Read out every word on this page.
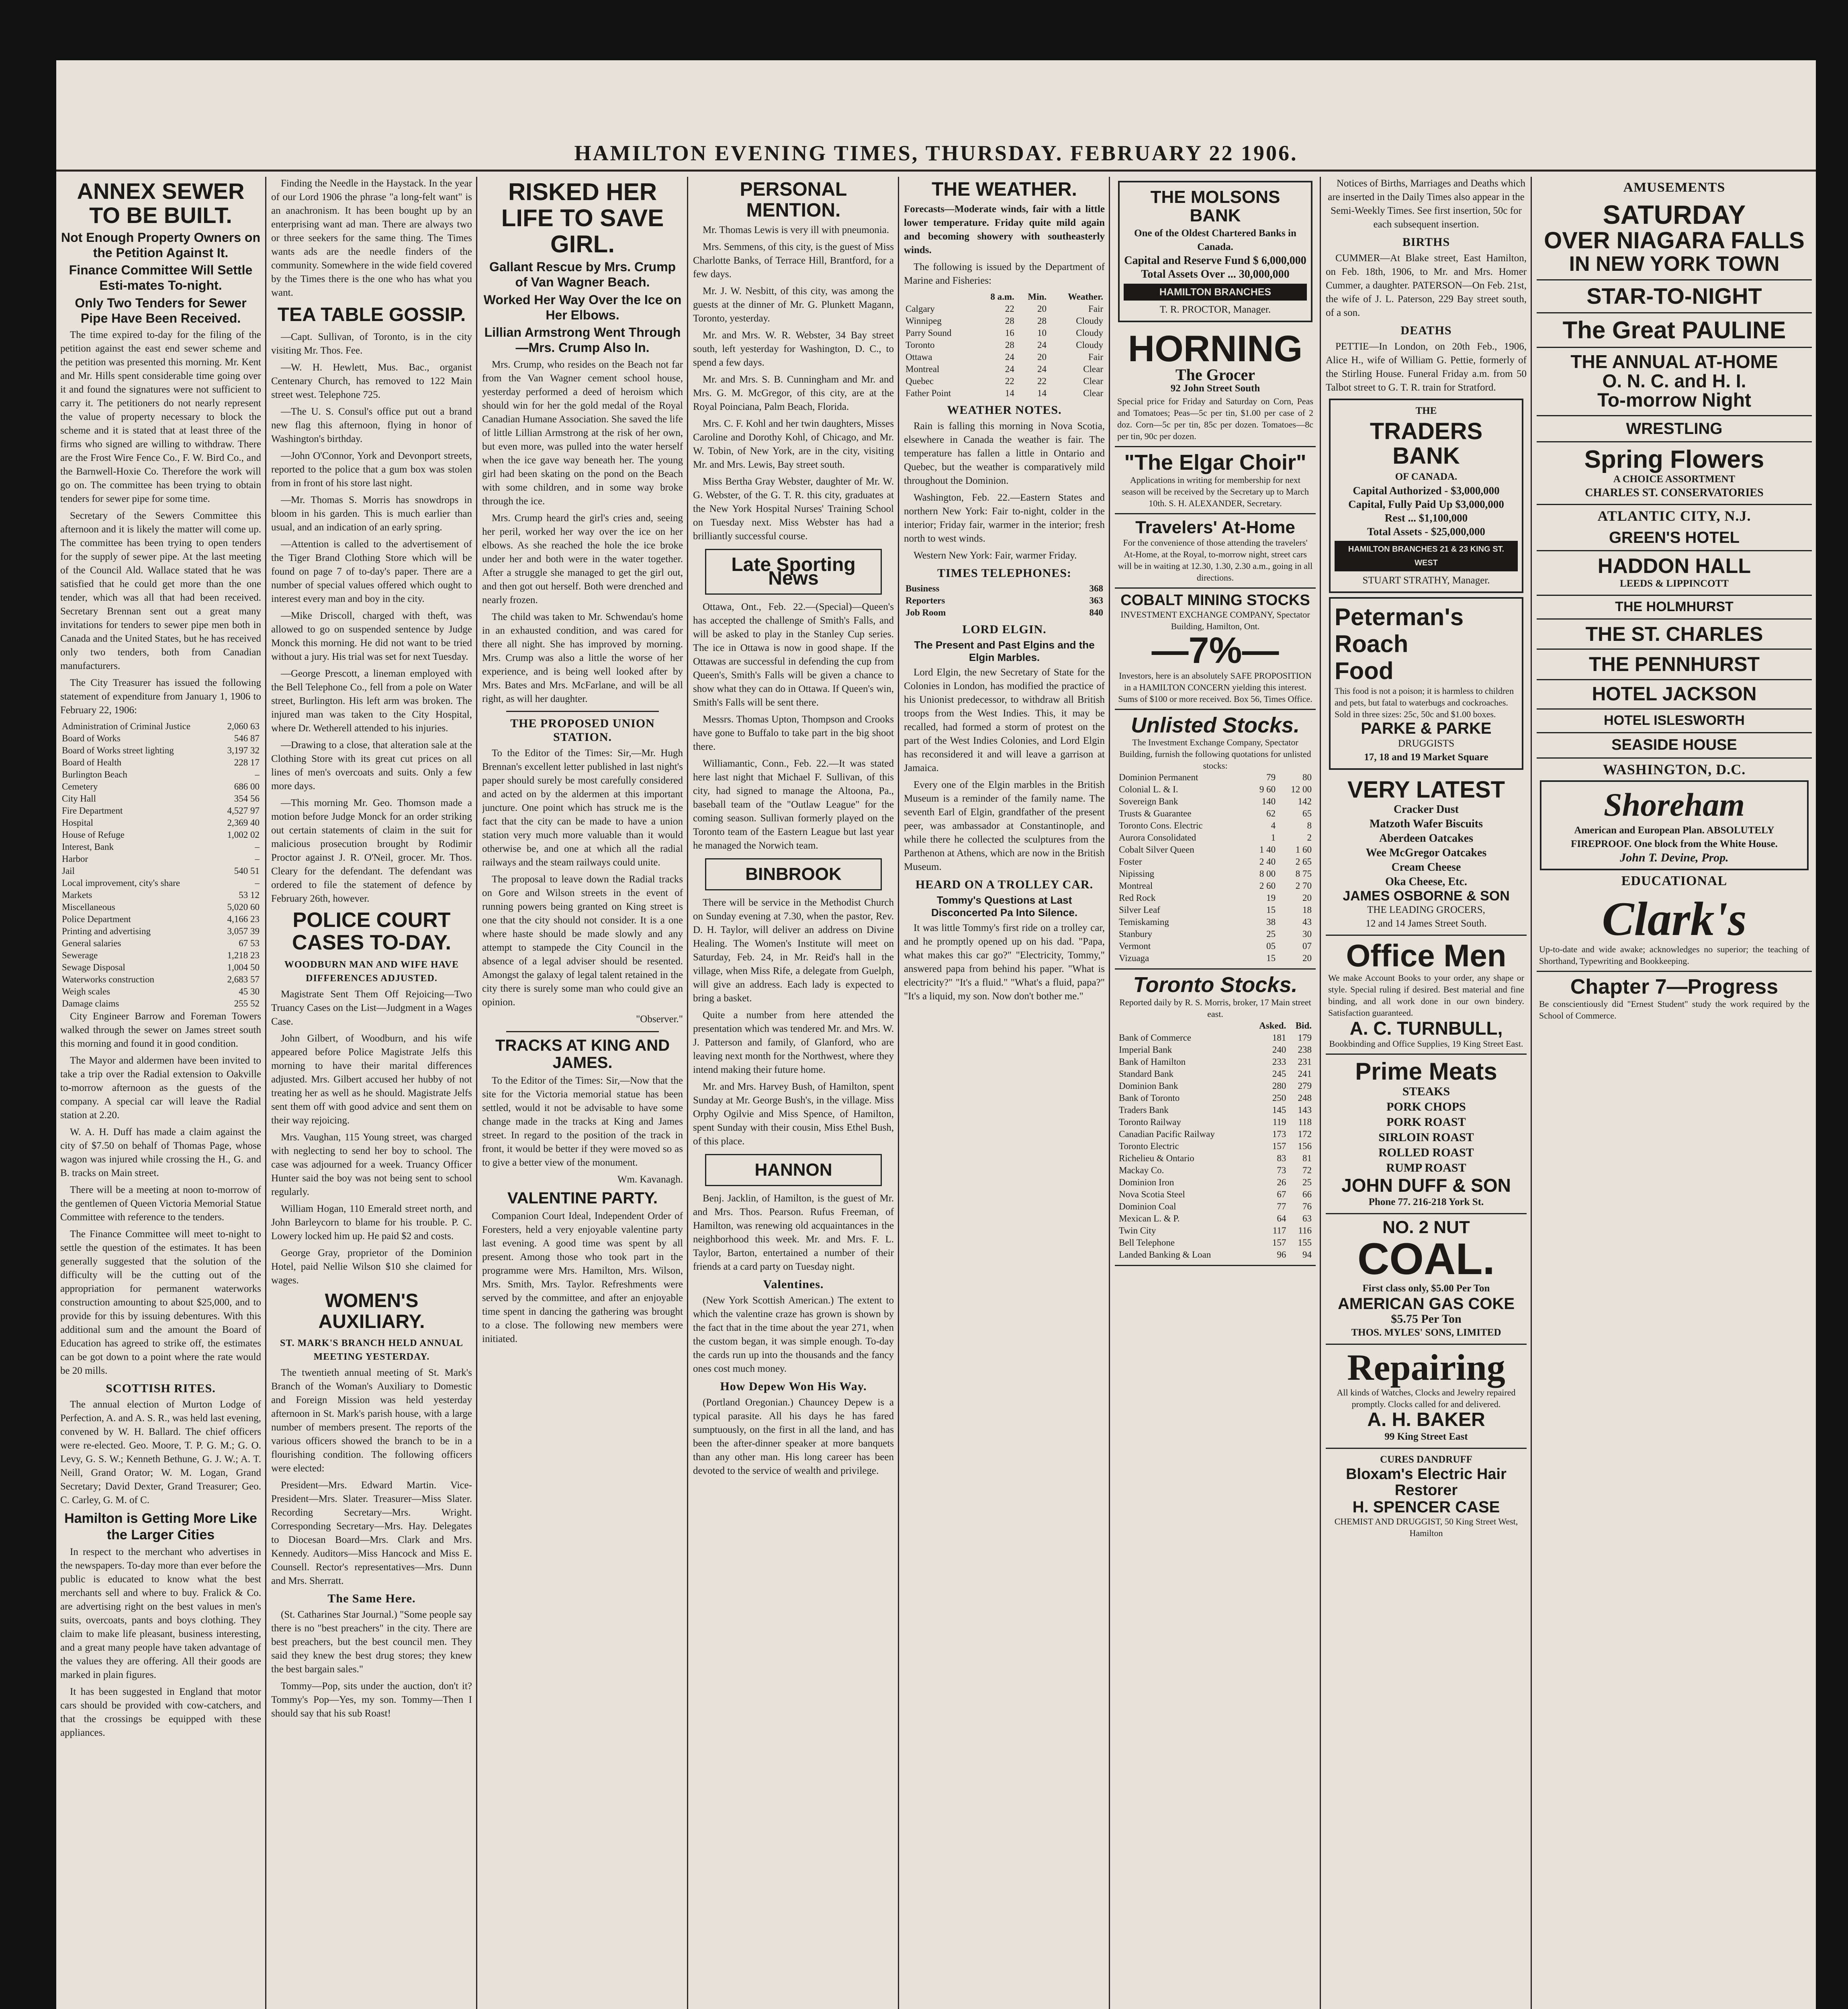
HAMILTON EVENING TIMES, THURSDAY. FEBRUARY 22 1906.
ANNEX SEWER TO BE BUILT.
Not Enough Property Owners on the Petition Against It.
Finance Committee Will Settle Esti-mates To-night.
Only Two Tenders for Sewer Pipe Have Been Received.

The time expired to-day for the filing of the petition against the east end sewer scheme and the petition was presented this morning. Mr. Kent and Mr. Hills spent considerable time going over it and found the signatures were not sufficient to carry it. The petitioners do not nearly represent the value of property necessary to block the scheme and it is stated that at least three of the firms who signed are willing to withdraw. There are the Frost Wire Fence Co., F. W. Bird Co., and the Barnwell-Hoxie Co. Therefore the work will go on. The committee has been trying to obtain tenders for sewer pipe for some time.

Secretary of the Sewers Committee this afternoon and it is likely the matter will come up. The committee has been trying to open tenders for the supply of sewer pipe. At the last meeting of the Council Ald. Wallace stated that he was satisfied that he could get more than the one tender, which was all that had been received. Secretary Brennan sent out a great many invitations for tenders to sewer pipe men both in Canada and the United States, but he has received only two tenders, both from Canadian manufacturers.

The City Treasurer has issued the following statement of expenditure from January 1, 1906 to February 22, 1906:

Administration of Criminal Justice	2,060 63
Board of Works	546 87
Board of Works street lighting	3,197 32
Board of Health	228 17
Burlington Beach	–
Cemetery	686 00
City Hall	354 56
Fire Department	4,527 97
Hospital	2,369 40
House of Refuge	1,002 02
Interest, Bank	–
Harbor	–
Jail	540 51
Local improvement, city's share	–
Markets	53 12
Miscellaneous	5,020 60
Police Department	4,166 23
Printing and advertising	3,057 39
General salaries	67 53
Sewerage	1,218 23
Sewage Disposal	1,004 50
Waterworks construction	2,683 57
Weigh scales	45 30
Damage claims	255 52

City Engineer Barrow and Foreman Towers walked through the sewer on James street south this morning and found it in good condition.

The Mayor and aldermen have been invited to take a trip over the Radial extension to Oakville to-morrow afternoon as the guests of the company. A special car will leave the Radial station at 2.20.

W. A. H. Duff has made a claim against the city of $7.50 on behalf of Thomas Page, whose wagon was injured while crossing the H., G. and B. tracks on Main street.

There will be a meeting at noon to-morrow of the gentlemen of Queen Victoria Memorial Statue Committee with reference to the tenders.

The Finance Committee will meet to-night to settle the question of the estimates. It has been generally suggested that the solution of the difficulty will be the cutting out of the appropriation for permanent waterworks construction amounting to about $25,000, and to provide for this by issuing debentures. With this additional sum and the amount the Board of Education has agreed to strike off, the estimates can be got down to a point where the rate would be 20 mills.

SCOTTISH RITES.

The annual election of Murton Lodge of Perfection, A. and A. S. R., was held last evening, convened by W. H. Ballard. The chief officers were re-elected. Geo. Moore, T. P. G. M.; G. O. Levy, G. S. W.; Kenneth Bethune, G. J. W.; A. T. Neill, Grand Orator; W. M. Logan, Grand Secretary; David Dexter, Grand Treasurer; Geo. C. Carley, G. M. of C.

Hamilton is Getting More Like the Larger Cities

In respect to the merchant who advertises in the newspapers. To-day more than ever before the public is educated to know what the best merchants sell and where to buy. Fralick & Co. are advertising right on the best values in men's suits, overcoats, pants and boys clothing. They claim to make life pleasant, business interesting, and a great many people have taken advantage of the values they are offering. All their goods are marked in plain figures.

It has been suggested in England that motor cars should be provided with cow-catchers, and that the crossings be equipped with these appliances.

Finding the Needle in the Haystack. In the year of our Lord 1906 the phrase "a long-felt want" is an anachronism. It has been bought up by an enterprising want ad man. There are always two or three seekers for the same thing. The Times wants ads are the needle finders of the community. Somewhere in the wide field covered by the Times there is the one who has what you want.

TEA TABLE GOSSIP.

—Capt. Sullivan, of Toronto, is in the city visiting Mr. Thos. Fee.

—W. H. Hewlett, Mus. Bac., organist Centenary Church, has removed to 122 Main street west. Telephone 725.

—The U. S. Consul's office put out a brand new flag this afternoon, flying in honor of Washington's birthday.

—John O'Connor, York and Devonport streets, reported to the police that a gum box was stolen from in front of his store last night.

—Mr. Thomas S. Morris has snowdrops in bloom in his garden. This is much earlier than usual, and an indication of an early spring.

—Attention is called to the advertisement of the Tiger Brand Clothing Store which will be found on page 7 of to-day's paper. There are a number of special values offered which ought to interest every man and boy in the city.

—Mike Driscoll, charged with theft, was allowed to go on suspended sentence by Judge Monck this morning. He did not want to be tried without a jury. His trial was set for next Tuesday.

—George Prescott, a lineman employed with the Bell Telephone Co., fell from a pole on Water street, Burlington. His left arm was broken. The injured man was taken to the City Hospital, where Dr. Wetherell attended to his injuries.

—Drawing to a close, that alteration sale at the Clothing Store with its great cut prices on all lines of men's overcoats and suits. Only a few more days.

—This morning Mr. Geo. Thomson made a motion before Judge Monck for an order striking out certain statements of claim in the suit for malicious prosecution brought by Rodimir Proctor against J. R. O'Neil, grocer. Mr. Thos. Cleary for the defendant. The defendant was ordered to file the statement of defence by February 26th, however.

POLICE COURT CASES TO-DAY.
WOODBURN MAN AND WIFE HAVE DIFFERENCES ADJUSTED.

Magistrate Sent Them Off Rejoicing—Two Truancy Cases on the List—Judgment in a Wages Case.

John Gilbert, of Woodburn, and his wife appeared before Police Magistrate Jelfs this morning to have their marital differences adjusted. Mrs. Gilbert accused her hubby of not treating her as well as he should. Magistrate Jelfs sent them off with good advice and sent them on their way rejoicing.

Mrs. Vaughan, 115 Young street, was charged with neglecting to send her boy to school. The case was adjourned for a week. Truancy Officer Hunter said the boy was not being sent to school regularly.

William Hogan, 110 Emerald street north, and John Barleycorn to blame for his trouble. P. C. Lowery locked him up. He paid $2 and costs.

George Gray, proprietor of the Dominion Hotel, paid Nellie Wilson $10 she claimed for wages.

WOMEN'S AUXILIARY.
ST. MARK'S BRANCH HELD ANNUAL MEETING YESTERDAY.

The twentieth annual meeting of St. Mark's Branch of the Woman's Auxiliary to Domestic and Foreign Mission was held yesterday afternoon in St. Mark's parish house, with a large number of members present. The reports of the various officers showed the branch to be in a flourishing condition. The following officers were elected:

President—Mrs. Edward Martin. Vice-President—Mrs. Slater. Treasurer—Miss Slater. Recording Secretary—Mrs. Wright. Corresponding Secretary—Mrs. Hay. Delegates to Diocesan Board—Mrs. Clark and Mrs. Kennedy. Auditors—Miss Hancock and Miss E. Counsell. Rector's representatives—Mrs. Dunn and Mrs. Sherratt.

The Same Here.

(St. Catharines Star Journal.) "Some people say there is no "best preachers" in the city. There are best preachers, but the best council men. They said they knew the best drug stores; they knew the best bargain sales."

Tommy—Pop, sits under the auction, don't it? Tommy's Pop—Yes, my son. Tommy—Then I should say that his sub Roast!

RISKED HER LIFE TO SAVE GIRL.
Gallant Rescue by Mrs. Crump of Van Wagner Beach.
Worked Her Way Over the Ice on Her Elbows.
Lillian Armstrong Went Through—Mrs. Crump Also In.

Mrs. Crump, who resides on the Beach not far from the Van Wagner cement school house, yesterday performed a deed of heroism which should win for her the gold medal of the Royal Canadian Humane Association. She saved the life of little Lillian Armstrong at the risk of her own, but even more, was pulled into the water herself when the ice gave way beneath her. The young girl had been skating on the pond on the Beach with some children, and in some way broke through the ice.

Mrs. Crump heard the girl's cries and, seeing her peril, worked her way over the ice on her elbows. As she reached the hole the ice broke under her and both were in the water together. After a struggle she managed to get the girl out, and then got out herself. Both were drenched and nearly frozen.

The child was taken to Mr. Schwendau's home in an exhausted condition, and was cared for there all night. She has improved by morning. Mrs. Crump was also a little the worse of her experience, and is being well looked after by Mrs. Bates and Mrs. McFarlane, and will be all right, as will her daughter.

THE PROPOSED UNION STATION.

To the Editor of the Times: Sir,—Mr. Hugh Brennan's excellent letter published in last night's paper should surely be most carefully considered and acted on by the aldermen at this important juncture. One point which has struck me is the fact that the city can be made to have a union station very much more valuable than it would otherwise be, and one at which all the radial railways and the steam railways could unite.

The proposal to leave down the Radial tracks on Gore and Wilson streets in the event of running powers being granted on King street is one that the city should not consider. It is a one where haste should be made slowly and any attempt to stampede the City Council in the absence of a legal adviser should be resented. Amongst the galaxy of legal talent retained in the city there is surely some man who could give an opinion.

"Observer."

TRACKS AT KING AND JAMES.

To the Editor of the Times: Sir,—Now that the site for the Victoria memorial statue has been settled, would it not be advisable to have some change made in the tracks at King and James street. In regard to the position of the track in front, it would be better if they were moved so as to give a better view of the monument.

Wm. Kavanagh.

VALENTINE PARTY.

Companion Court Ideal, Independent Order of Foresters, held a very enjoyable valentine party last evening. A good time was spent by all present. Among those who took part in the programme were Mrs. Hamilton, Mrs. Wilson, Mrs. Smith, Mrs. Taylor. Refreshments were served by the committee, and after an enjoyable time spent in dancing the gathering was brought to a close. The following new members were initiated.

PERSONAL MENTION.

Mr. Thomas Lewis is very ill with pneumonia.

Mrs. Semmens, of this city, is the guest of Miss Charlotte Banks, of Terrace Hill, Brantford, for a few days.

Mr. J. W. Nesbitt, of this city, was among the guests at the dinner of Mr. G. Plunkett Magann, Toronto, yesterday.

Mr. and Mrs. W. R. Webster, 34 Bay street south, left yesterday for Washington, D. C., to spend a few days.

Mr. and Mrs. S. B. Cunningham and Mr. and Mrs. G. M. McGregor, of this city, are at the Royal Poinciana, Palm Beach, Florida.

Mrs. C. F. Kohl and her twin daughters, Misses Caroline and Dorothy Kohl, of Chicago, and Mr. W. Tobin, of New York, are in the city, visiting Mr. and Mrs. Lewis, Bay street south.

Miss Bertha Gray Webster, daughter of Mr. W. G. Webster, of the G. T. R. this city, graduates at the New York Hospital Nurses' Training School on Tuesday next. Miss Webster has had a brilliantly successful course.

Late Sporting News

Ottawa, Ont., Feb. 22.—(Special)—Queen's has accepted the challenge of Smith's Falls, and will be asked to play in the Stanley Cup series. The ice in Ottawa is now in good shape. If the Ottawas are successful in defending the cup from Queen's, Smith's Falls will be given a chance to show what they can do in Ottawa. If Queen's win, Smith's Falls will be sent there.

Messrs. Thomas Upton, Thompson and Crooks have gone to Buffalo to take part in the big shoot there.

Williamantic, Conn., Feb. 22.—It was stated here last night that Michael F. Sullivan, of this city, had signed to manage the Altoona, Pa., baseball team of the "Outlaw League" for the coming season. Sullivan formerly played on the Toronto team of the Eastern League but last year he managed the Norwich team.

BINBROOK

There will be service in the Methodist Church on Sunday evening at 7.30, when the pastor, Rev. D. H. Taylor, will deliver an address on Divine Healing. The Women's Institute will meet on Saturday, Feb. 24, in Mr. Reid's hall in the village, when Miss Rife, a delegate from Guelph, will give an address. Each lady is expected to bring a basket.

Quite a number from here attended the presentation which was tendered Mr. and Mrs. W. J. Patterson and family, of Glanford, who are leaving next month for the Northwest, where they intend making their future home.

Mr. and Mrs. Harvey Bush, of Hamilton, spent Sunday at Mr. George Bush's, in the village. Miss Orphy Ogilvie and Miss Spence, of Hamilton, spent Sunday with their cousin, Miss Ethel Bush, of this place.

HANNON

Benj. Jacklin, of Hamilton, is the guest of Mr. and Mrs. Thos. Pearson. Rufus Freeman, of Hamilton, was renewing old acquaintances in the neighborhood this week. Mr. and Mrs. F. L. Taylor, Barton, entertained a number of their friends at a card party on Tuesday night.

Valentines.

(New York Scottish American.) The extent to which the valentine craze has grown is shown by the fact that in the time about the year 271, when the custom began, it was simple enough. To-day the cards run up into the thousands and the fancy ones cost much money.

How Depew Won His Way.

(Portland Oregonian.) Chauncey Depew is a typical parasite. All his days he has fared sumptuously, on the first in all the land, and has been the after-dinner speaker at more banquets than any other man. His long career has been devoted to the service of wealth and privilege.

THE WEATHER.

Forecasts—Moderate winds, fair with a little lower temperature. Friday quite mild again and becoming showery with southeasterly winds.

The following is issued by the Department of Marine and Fisheries:

	8 a.m.	Min.	Weather.
Calgary	22	20	Fair
Winnipeg	28	28	Cloudy
Parry Sound	16	10	Cloudy
Toronto	28	24	Cloudy
Ottawa	24	20	Fair
Montreal	24	24	Clear
Quebec	22	22	Clear
Father Point	14	14	Clear
WEATHER NOTES.

Rain is falling this morning in Nova Scotia, elsewhere in Canada the weather is fair. The temperature has fallen a little in Ontario and Quebec, but the weather is comparatively mild throughout the Dominion.

Washington, Feb. 22.—Eastern States and northern New York: Fair to-night, colder in the interior; Friday fair, warmer in the interior; fresh north to west winds.

Western New York: Fair, warmer Friday.

TIMES TELEPHONES:
Business	368
Reporters	363
Job Room	840
LORD ELGIN.
The Present and Past Elgins and the Elgin Marbles.

Lord Elgin, the new Secretary of State for the Colonies in London, has modified the practice of his Unionist predecessor, to withdraw all British troops from the West Indies. This, it may be recalled, had formed a storm of protest on the part of the West Indies Colonies, and Lord Elgin has reconsidered it and will leave a garrison at Jamaica.

Every one of the Elgin marbles in the British Museum is a reminder of the family name. The seventh Earl of Elgin, grandfather of the present peer, was ambassador at Constantinople, and while there he collected the sculptures from the Parthenon at Athens, which are now in the British Museum.

HEARD ON A TROLLEY CAR.
Tommy's Questions at Last Disconcerted Pa Into Silence.

It was little Tommy's first ride on a trolley car, and he promptly opened up on his dad. "Papa, what makes this car go?" "Electricity, Tommy," answered papa from behind his paper. "What is electricity?" "It's a fluid." "What's a fluid, papa?" "It's a liquid, my son. Now don't bother me."

THE MOLSONS BANK
One of the Oldest Chartered Banks in Canada.
Capital and Reserve Fund $ 6,000,000
Total Assets Over ... 30,000,000
HAMILTON BRANCHES
T. R. PROCTOR, Manager.
HORNING
The Grocer
92 John Street South
Special price for Friday and Saturday on Corn, Peas and Tomatoes; Peas—5c per tin, $1.00 per case of 2 doz. Corn—5c per tin, 85c per dozen. Tomatoes—8c per tin, 90c per dozen.
"The Elgar Choir"
Applications in writing for membership for next season will be received by the Secretary up to March 10th. S. H. ALEXANDER, Secretary.
Travelers' At-Home
For the convenience of those attending the travelers' At-Home, at the Royal, to-morrow night, street cars will be in waiting at 12.30, 1.30, 2.30 a.m., going in all directions.
COBALT MINING STOCKS
INVESTMENT EXCHANGE COMPANY, Spectator Building, Hamilton, Ont.
—7%—
Investors, here is an absolutely SAFE PROPOSITION in a HAMILTON CONCERN yielding this interest. Sums of $100 or more received. Box 56, Times Office.
Unlisted Stocks.
The Investment Exchange Company, Spectator Building, furnish the following quotations for unlisted stocks:
Dominion Permanent	79	80
Colonial L. & I.	9 60	12 00
Sovereign Bank	140	142
Trusts & Guarantee	62	65
Toronto Cons. Electric	4	8
Aurora Consolidated	1	2
Cobalt Silver Queen	1 40	1 60
Foster	2 40	2 65
Nipissing	8 00	8 75
Montreal	2 60	2 70
Red Rock	19	20
Silver Leaf	15	18
Temiskaming	38	43
Stanbury	25	30
Vermont	05	07
Vizuaga	15	20
Toronto Stocks.
Reported daily by R. S. Morris, broker, 17 Main street east.
	Asked.	Bid.
Bank of Commerce	181	179
Imperial Bank	240	238
Bank of Hamilton	233	231
Standard Bank	245	241
Dominion Bank	280	279
Bank of Toronto	250	248
Traders Bank	145	143
Toronto Railway	119	118
Canadian Pacific Railway	173	172
Toronto Electric	157	156
Richelieu & Ontario	83	81
Mackay Co.	73	72
Dominion Iron	26	25
Nova Scotia Steel	67	66
Dominion Coal	77	76
Mexican L. & P.	64	63
Twin City	117	116
Bell Telephone	157	155
Landed Banking & Loan	96	94

Notices of Births, Marriages and Deaths which are inserted in the Daily Times also appear in the Semi-Weekly Times. See first insertion, 50c for each subsequent insertion.

BIRTHS

CUMMER—At Blake street, East Hamilton, on Feb. 18th, 1906, to Mr. and Mrs. Homer Cummer, a daughter. PATERSON—On Feb. 21st, the wife of J. L. Paterson, 229 Bay street south, of a son.

DEATHS

PETTIE—In London, on 20th Feb., 1906, Alice H., wife of William G. Pettie, formerly of the Stirling House. Funeral Friday a.m. from 50 Talbot street to G. T. R. train for Stratford.

THE
TRADERS BANK
OF CANADA.
Capital Authorized - $3,000,000
Capital, Fully Paid Up $3,000,000
Rest ... $1,100,000
Total Assets - $25,000,000
HAMILTON BRANCHES 21 & 23 KING ST. WEST
STUART STRATHY, Manager.
Peterman's
Roach
Food
This food is not a poison; it is harmless to children and pets, but fatal to waterbugs and cockroaches. Sold in three sizes: 25c, 50c and $1.00 boxes.
PARKE & PARKE
DRUGGISTS
17, 18 and 19 Market Square
VERY LATEST
Cracker Dust
Matzoth Wafer Biscuits
Aberdeen Oatcakes
Wee McGregor Oatcakes
Cream Cheese
Oka Cheese, Etc.
JAMES OSBORNE & SON
THE LEADING GROCERS,
12 and 14 James Street South.
Office Men
We make Account Books to your order, any shape or style. Special ruling if desired. Best material and fine binding, and all work done in our own bindery. Satisfaction guaranteed.
A. C. TURNBULL,
Bookbinding and Office Supplies, 19 King Street East.
Prime Meats
STEAKS
PORK CHOPS
PORK ROAST
SIRLOIN ROAST
ROLLED ROAST
RUMP ROAST
JOHN DUFF & SON
Phone 77. 216-218 York St.
NO. 2 NUT
COAL.
First class only, $5.00 Per Ton
AMERICAN GAS COKE
$5.75 Per Ton
THOS. MYLES' SONS, LIMITED
Repairing
All kinds of Watches, Clocks and Jewelry repaired promptly. Clocks called for and delivered.
A. H. BAKER
99 King Street East
CURES DANDRUFF
Bloxam's Electric Hair Restorer
H. SPENCER CASE
CHEMIST AND DRUGGIST, 50 King Street West, Hamilton
AMUSEMENTS
SATURDAY
OVER NIAGARA FALLS
IN NEW YORK TOWN
STAR-TO-NIGHT
The Great PAULINE
THE ANNUAL AT-HOME
O. N. C. and H. I.
To-morrow Night
WRESTLING
Spring Flowers
A CHOICE ASSORTMENT
CHARLES ST. CONSERVATORIES
ATLANTIC CITY, N.J.
GREEN'S HOTEL
HADDON HALL
LEEDS & LIPPINCOTT
THE HOLMHURST
THE ST. CHARLES
THE PENNHURST
HOTEL JACKSON
HOTEL ISLESWORTH
SEASIDE HOUSE
WASHINGTON, D.C.
Shoreham
American and European Plan. ABSOLUTELY FIREPROOF. One block from the White House.
John T. Devine, Prop.
EDUCATIONAL
Clark's
Up-to-date and wide awake; acknowledges no superior; the teaching of Shorthand, Typewriting and Bookkeeping.
Chapter 7—Progress
Be conscientiously did "Ernest Student" study the work required by the School of Commerce.
